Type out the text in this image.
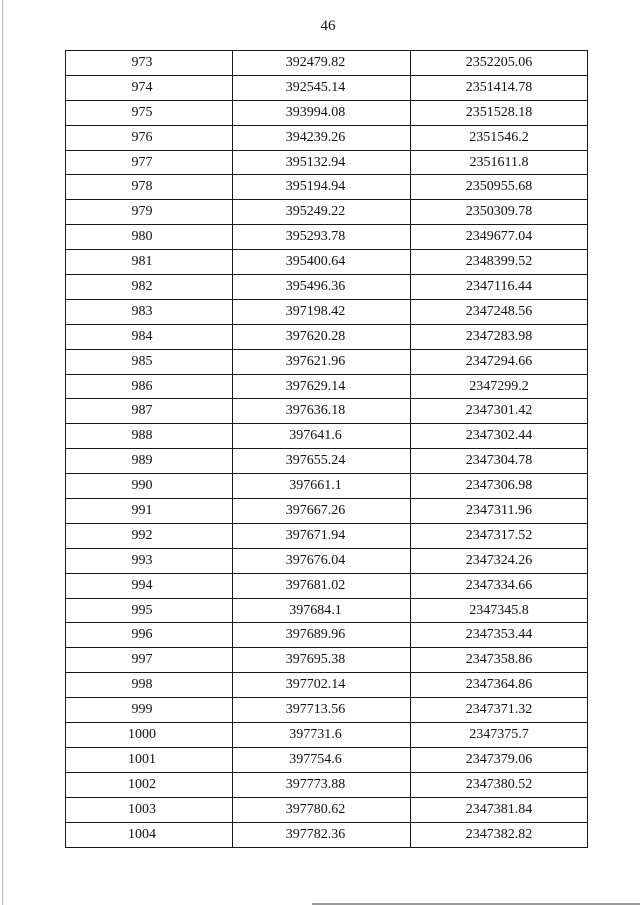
46
973	392479.82	2352205.06
974	392545.14	2351414.78
975	393994.08	2351528.18
976	394239.26	2351546.2
977	395132.94	2351611.8
978	395194.94	2350955.68
979	395249.22	2350309.78
980	395293.78	2349677.04
981	395400.64	2348399.52
982	395496.36	2347116.44
983	397198.42	2347248.56
984	397620.28	2347283.98
985	397621.96	2347294.66
986	397629.14	2347299.2
987	397636.18	2347301.42
988	397641.6	2347302.44
989	397655.24	2347304.78
990	397661.1	2347306.98
991	397667.26	2347311.96
992	397671.94	2347317.52
993	397676.04	2347324.26
994	397681.02	2347334.66
995	397684.1	2347345.8
996	397689.96	2347353.44
997	397695.38	2347358.86
998	397702.14	2347364.86
999	397713.56	2347371.32
1000	397731.6	2347375.7
1001	397754.6	2347379.06
1002	397773.88	2347380.52
1003	397780.62	2347381.84
1004	397782.36	2347382.82
